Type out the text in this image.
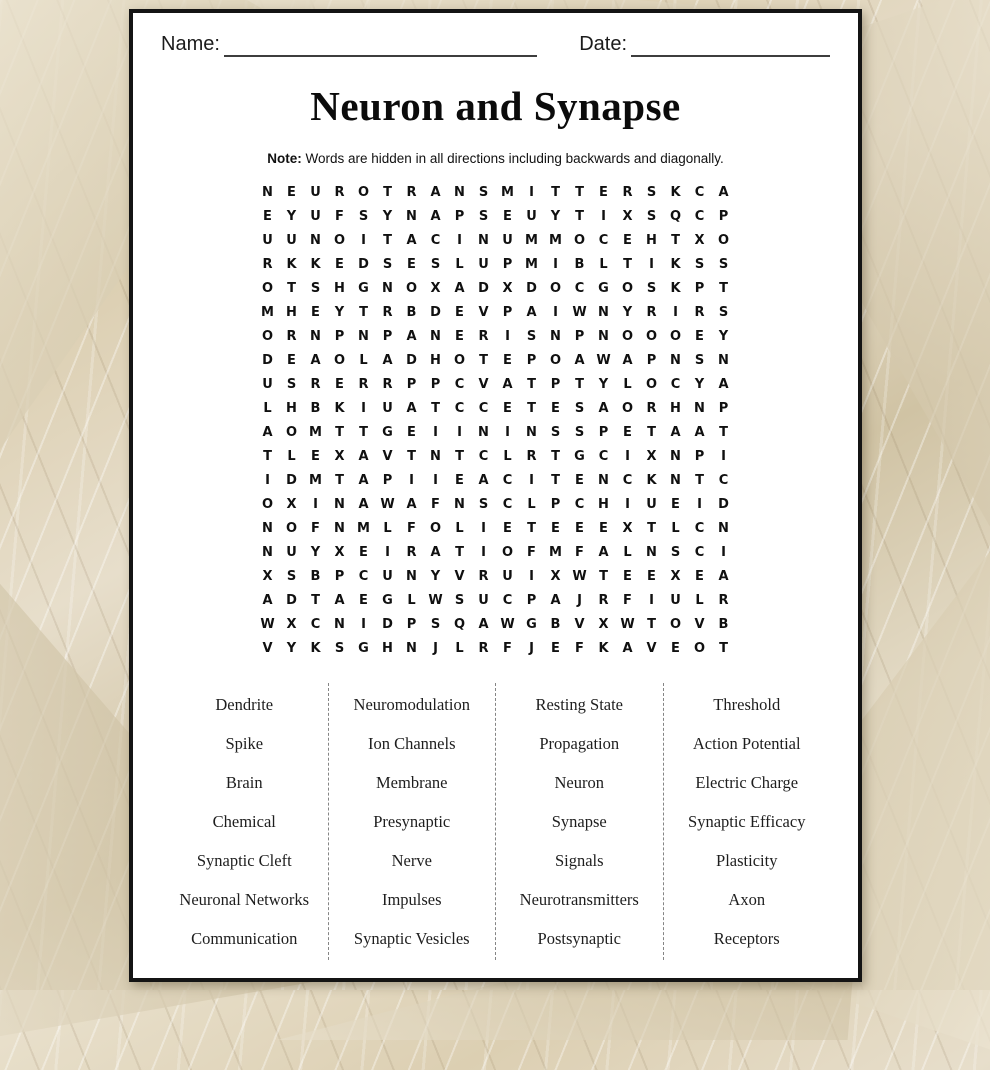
Name:	Date:
Neuron and Synapse
Note: Words are hidden in all directions including backwards and diagonally.
N	E	U	R	O	T	R	A	N	S M	I	T	T	E	R	S	K	C	A
E	Y	U	F	S	Y	N	A	P	S	E	U	Y	T	I	X	S	Q	C	P
U	U	N	O	I	T	A	C	I	N	U M M O	C	E	H	T	X	O
R	K	K	E	D	S	E	S	L	U	P M	I	B	L	T	I	K	S	S
O	T	S	H	G	N	O	X	A	D	X	D	O	C	G	O	S	K	P	T
M H	E	Y	T	R	B	D	E	V	P	A	I	W N	Y	R	I	R	S
O	R	N	P	N	P	A	N	E	R	I	S	N	P	N	O O O	E	Y
D	E	A	O	L	A	D	H	O	T	E	P	O	A W A	P	N	S	N
U	S	R	E	R	R	P	P	C	V	A	T	P	T	Y	L	O	C	Y	A
L	H	B	K	I	U	A	T	C	C	E	T	E	S	A	O	R	H	N	P
A	O M	T	T	G	E	I	I	N	I	N	S	S	P	E	T	A	A	T
T	L	E	X	A	V	T	N	T	C	L	R	T	G	C	I	X	N	P	I
I	D M	T	A	P	I	I	E	A	C	I	T	E	N	C	K	N	T	C
O	X	I	N	A W A	F	N	S	C	L	P	C	H	I	U	E	I	D
N	O	F	N M	L	F	O	L	I	E	T	E	E	E	X	T	L	C	N
N	U	Y	X	E	I	R	A	T	I	O	F	M	F	A	L	N	S	C	I
X	S	B	P	C	U	N	Y	V	R	U	I	X W T	E	E	X	E	A
A	D	T	A	E	G	L W S	U	C	P	A	J	R	F	I	U	L	R
W X	C	N	I	D	P	S	Q	A W G	B	V	X W T	O	V	B
V	Y	K	S	G	H	N	J	L	R	F	J	E	F	K	A	V	E	O	T
Dendrite
Spike
Brain
Chemical
Synaptic Cleft
Neuronal Networks
Communication
Neuromodulation
Ion Channels
Membrane
Presynaptic
Nerve
Impulses
Synaptic Vesicles
Resting State
Propagation
Neuron
Synapse
Signals
Neurotransmitters
Postsynaptic
Threshold
Action Potential
Electric Charge
Synaptic Efficacy
Plasticity
Axon
Receptors
